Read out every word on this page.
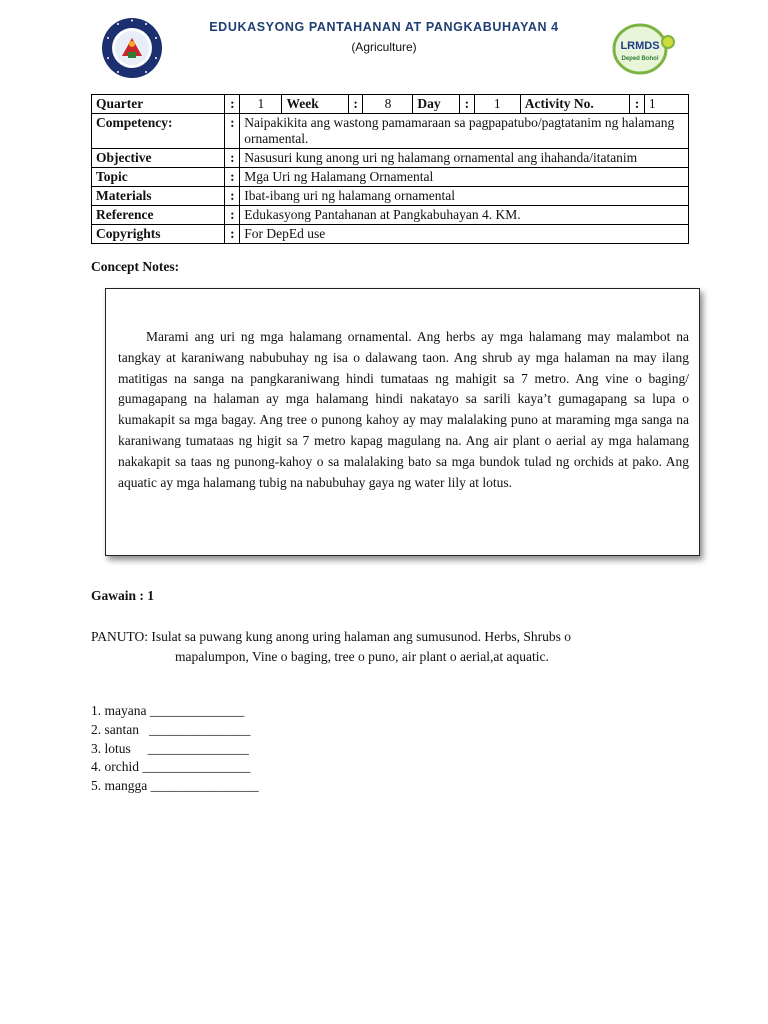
EDUKASYONG PANTAHANAN AT PANGKABUHAYAN 4
(Agriculture)	LRMDS
Deped Bohol
Quarter	:	1	Week	:	8	Day	:	1	Activity No.	:	1
Competency:	:	Naipakikita ang wastong pamamaraan sa pagpapatubo/pagtatanim ng halamang ornamental.									
Objective	:	Nasusuri kung anong uri ng halamang ornamental ang ihahanda/itatanim									
Topic	:	Mga Uri ng Halamang Ornamental									
Materials	:	Ibat-ibang uri ng halamang ornamental									
Reference	:	Edukasyong Pantahanan at Pangkabuhayan 4. KM.									
Copyrights	:	For DepEd use									
Concept Notes:

Marami ang uri ng mga halamang ornamental. Ang herbs ay mga halamang may malambot na tangkay at karaniwang nabubuhay ng isa o dalawang taon. Ang shrub ay mga halaman na may ilang matitigas na sanga na pangkaraniwang hindi tumataas ng mahigit sa 7 metro. Ang vine o baging/ gumagapang na halaman ay mga halamang hindi nakatayo sa sarili kaya’t gumagapang sa lupa o kumakapit sa mga bagay. Ang tree o punong kahoy ay may malalaking puno at maraming mga sanga na karaniwang tumataas ng higit sa 7 metro kapag magulang na. Ang air plant o aerial ay mga halamang nakakapit sa taas ng punong-kahoy o sa malalaking bato sa mga bundok tulad ng orchids at pako. Ang aquatic ay mga halamang tubig na nabubuhay gaya ng water lily at lotus.

Gawain : 1
PANUTO: Isulat sa puwang kung anong uring halaman ang sumusunod. Herbs, Shrubs o
mapalumpon, Vine o baging, tree o puno, air plant o aerial,at aquatic.
1. mayana ______________
2. santan   _______________
3. lotus     _______________
4. orchid ________________
5. mangga ________________
